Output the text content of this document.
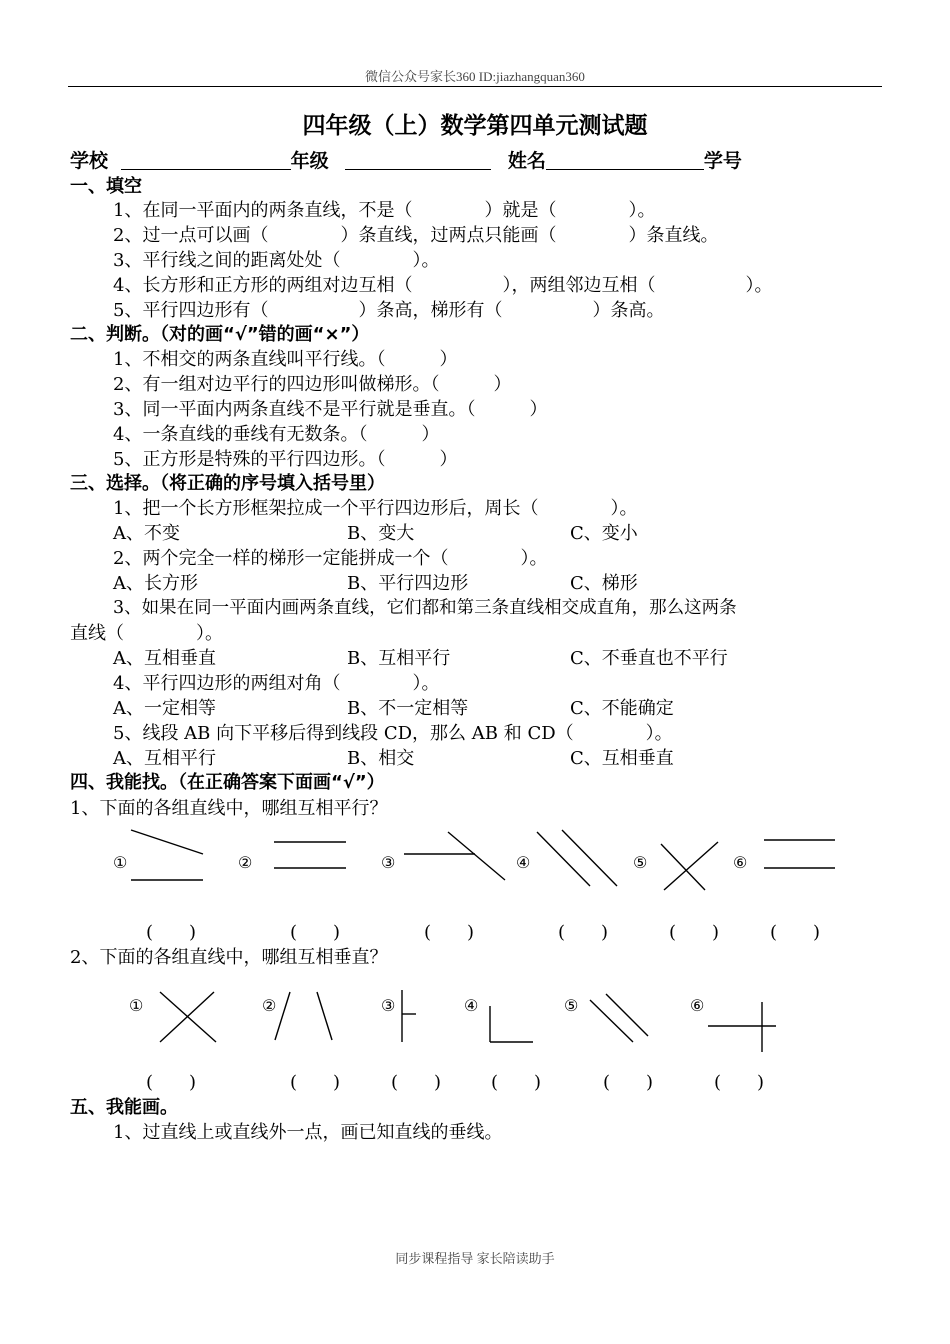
微信公众号家长360 ID:jiazhangquan360
四年级（上）数学第四单元测试题
学校	年级	姓名	学号
一、填空
1、在同一平面内的两条直线，不是（　　　　）就是（　　　　）。
2、过一点可以画（　　　　）条直线，过两点只能画（　　　　）条直线。
3、平行线之间的距离处处（　　　　）。
4、长方形和正方形的两组对边互相（　　　　　），两组邻边互相（　　　　　）。
5、平行四边形有（　　　　　）条高，梯形有（　　　　　）条高。
二、判断。（对的画“√”错的画“×”）
1、不相交的两条直线叫平行线。（　　　）
2、有一组对边平行的四边形叫做梯形。（　　　）
3、同一平面内两条直线不是平行就是垂直。（　　　）
4、一条直线的垂线有无数条。（　　　）
5、正方形是特殊的平行四边形。（　　　）
三、选择。（将正确的序号填入括号里）
1、把一个长方形框架拉成一个平行四边形后，周长（　　　　）。
A、不变	B、变大	C、变小
2、两个完全一样的梯形一定能拼成一个（　　　　）。
A、长方形	B、平行四边形	C、梯形
3、如果在同一平面内画两条直线，它们都和第三条直线相交成直角，那么这两条
直线（　　　　）。
A、互相垂直	B、互相平行	C、不垂直也不平行
4、平行四边形的两组对角（　　　　）。
A、一定相等	B、不一定相等	C、不能确定
5、线段 AB 向下平移后得到线段 CD，那么 AB 和 CD（　　　　）。
A、互相平行	B、相交	C、互相垂直
四、我能找。（在正确答案下面画“√”）
1、下面的各组直线中，哪组互相平行？
①	②	③	④	⑤	⑥
(　　)	(　　)	(　　)	(　　)	(　　)	(　　)
2、下面的各组直线中，哪组互相垂直？
①	②	③	④	⑤	⑥
(　　)	(　　)	(　　)	(　　)	(　　)	(　　)
五、我能画。
1、过直线上或直线外一点，画已知直线的垂线。
同步课程指导 家长陪读助手
